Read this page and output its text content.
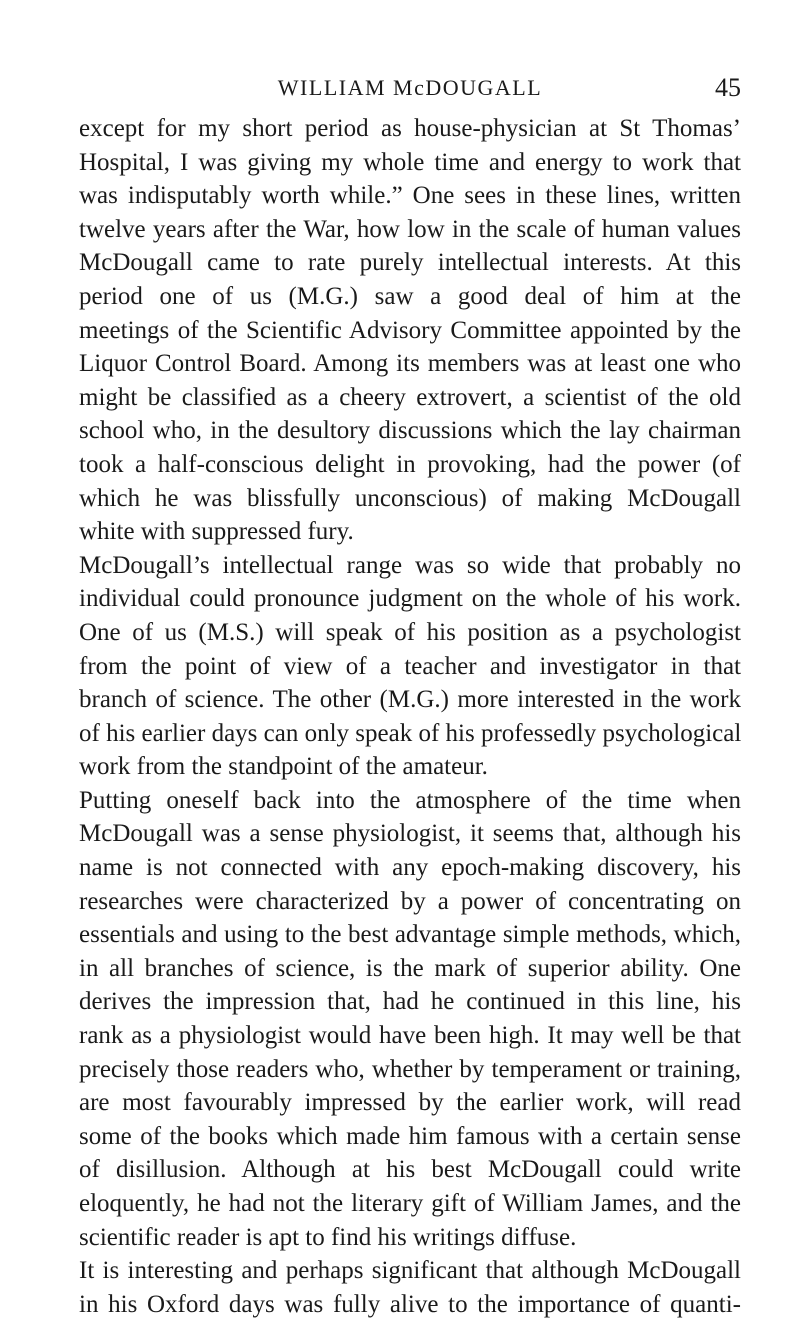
WILLIAM McDOUGALL	45
except for my short period as house-physician at St Thomas’
Hospital, I was giving my whole time and energy to work that
was indisputably worth while.” One sees in these lines, written
twelve years after the War, how low in the scale of human values
McDougall came to rate purely intellectual interests. At this
period one of us (M.G.) saw a good deal of him at the
meetings of the Scientific Advisory Committee appointed by the
Liquor Control Board. Among its members was at least one who
might be classified as a cheery extrovert, a scientist of the old
school who, in the desultory discussions which the lay chairman
took a half-conscious delight in provoking, had the power (of
which he was blissfully unconscious) of making McDougall
white with suppressed fury.
McDougall’s intellectual range was so wide that probably no
individual could pronounce judgment on the whole of his work.
One of us (M.S.) will speak of his position as a psychologist
from the point of view of a teacher and investigator in that
branch of science. The other (M.G.) more interested in the work
of his earlier days can only speak of his professedly psychological
work from the standpoint of the amateur.
Putting oneself back into the atmosphere of the time when
McDougall was a sense physiologist, it seems that, although his
name is not connected with any epoch-making discovery, his
researches were characterized by a power of concentrating on
essentials and using to the best advantage simple methods, which,
in all branches of science, is the mark of superior ability. One
derives the impression that, had he continued in this line, his
rank as a physiologist would have been high. It may well be that
precisely those readers who, whether by temperament or training,
are most favourably impressed by the earlier work, will read
some of the books which made him famous with a certain sense
of disillusion. Although at his best McDougall could write
eloquently, he had not the literary gift of William James, and the
scientific reader is apt to find his writings diffuse.
It is interesting and perhaps significant that although McDougall
in his Oxford days was fully alive to the importance of quanti-
